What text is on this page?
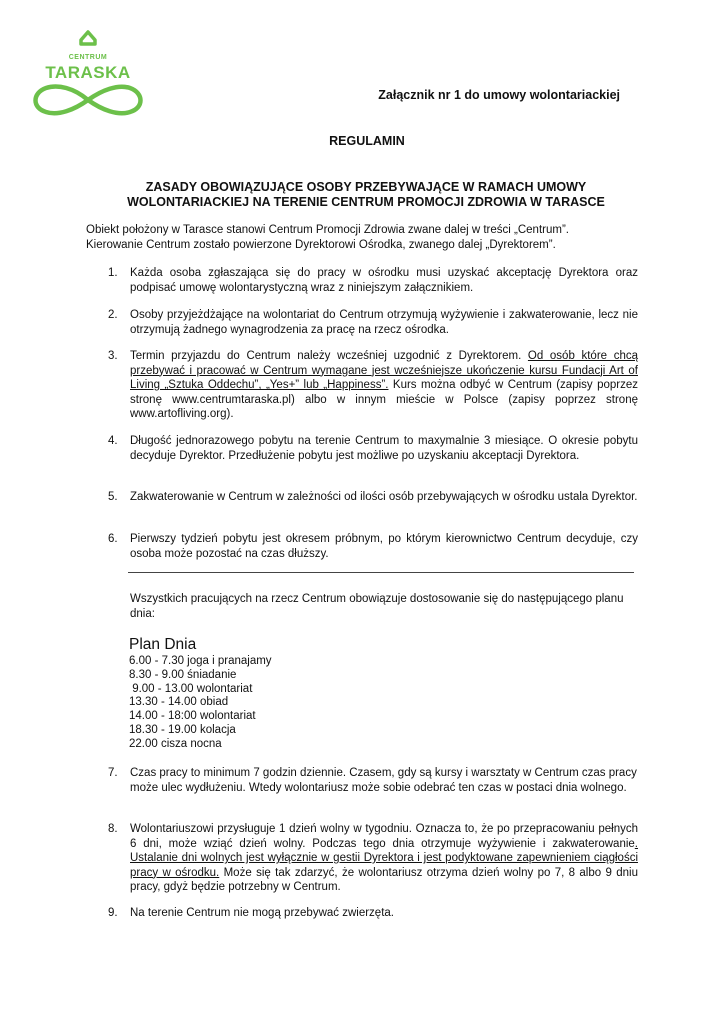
CENTRUM
TARASKA
Załącznik nr 1 do umowy wolontariackiej
REGULAMIN
ZASADY OBOWIĄZUJĄCE OSOBY PRZEBYWAJĄCE W RAMACH UMOWY
WOLONTARIACKIEJ NA TERENIE CENTRUM PROMOCJI ZDROWIA W TARASCE
Obiekt położony w Tarasce stanowi Centrum Promocji Zdrowia zwane dalej w treści „Centrum”.
Kierowanie Centrum zostało powierzone Dyrektorowi Ośrodka, zwanego dalej „Dyrektorem”.
1. Każda osoba zgłaszająca się do pracy w ośrodku musi uzyskać akceptację Dyrektora oraz podpisać umowę wolontarystyczną wraz z niniejszym załącznikiem.
2. Osoby przyjeżdżające na wolontariat do Centrum otrzymują wyżywienie i zakwaterowanie, lecz nie otrzymują żadnego wynagrodzenia za pracę na rzecz ośrodka.
3. Termin przyjazdu do Centrum należy wcześniej uzgodnić z Dyrektorem. Od osób które chcą przebywać i pracować w Centrum wymagane jest wcześniejsze ukończenie kursu Fundacji Art of Living „Sztuka Oddechu”, „Yes+” lub „Happiness”. Kurs można odbyć w Centrum (zapisy poprzez stronę www.centrumtaraska.pl) albo w innym mieście w Polsce (zapisy poprzez stronę www.artofliving.org).
4. Długość jednorazowego pobytu na terenie Centrum to maxymalnie 3 miesiące. O okresie pobytu decyduje Dyrektor. Przedłużenie pobytu jest możliwe po uzyskaniu akceptacji Dyrektora.
5. Zakwaterowanie w Centrum w zależności od ilości osób przebywających w ośrodku ustala Dyrektor.
6. Pierwszy tydzień pobytu jest okresem próbnym, po którym kierownictwo Centrum decyduje, czy osoba może pozostać na czas dłuższy.
Wszystkich pracujących na rzecz Centrum obowiązuje dostosowanie się do następującego planu dnia:
Plan Dnia
6.00 - 7.30 joga i pranajamy
8.30 - 9.00 śniadanie
9.00 - 13.00 wolontariat
13.30 - 14.00 obiad
14.00 - 18:00 wolontariat
18.30 - 19.00 kolacja
22.00 cisza nocna
7. Czas pracy to minimum 7 godzin dziennie. Czasem, gdy są kursy i warsztaty w Centrum czas pracy może ulec wydłużeniu. Wtedy wolontariusz może sobie odebrać ten czas w postaci dnia wolnego.
8. Wolontariuszowi przysługuje 1 dzień wolny w tygodniu. Oznacza to, że po przepracowaniu pełnych 6 dni, może wziąć dzień wolny. Podczas tego dnia otrzymuje wyżywienie i zakwaterowanie. Ustalanie dni wolnych jest wyłącznie w gestii Dyrektora i jest podyktowane zapewnieniem ciągłości pracy w ośrodku. Może się tak zdarzyć, że wolontariusz otrzyma dzień wolny po 7, 8 albo 9 dniu pracy, gdyż będzie potrzebny w Centrum.
9. Na terenie Centrum nie mogą przebywać zwierzęta.
